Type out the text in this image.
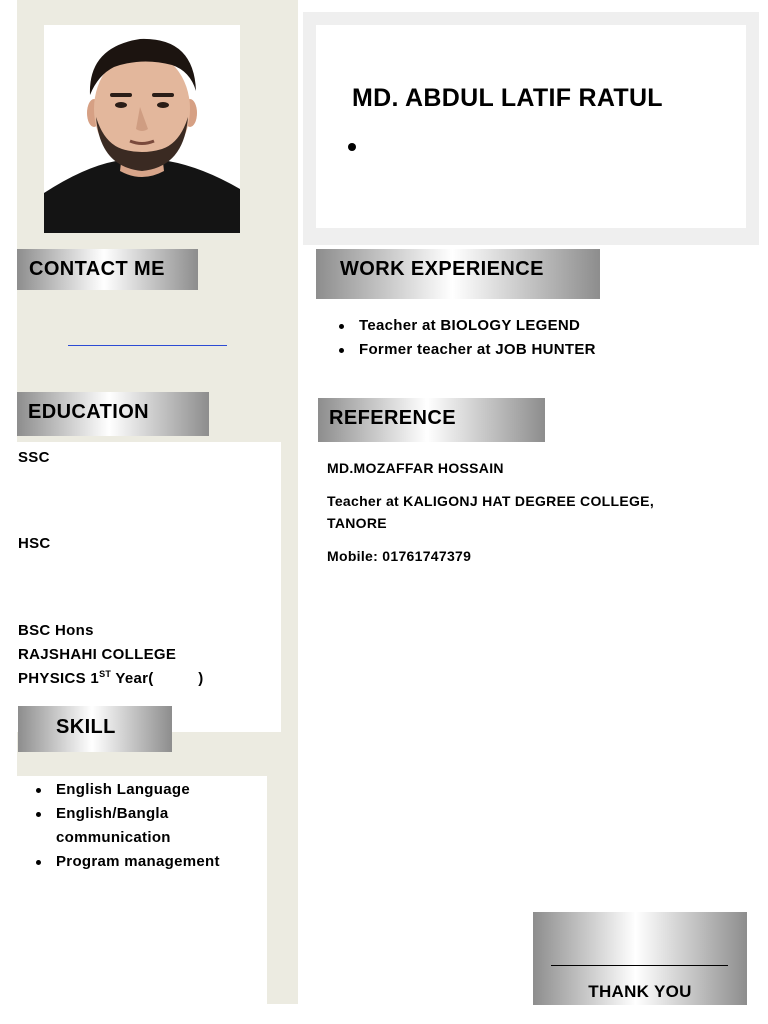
MD. ABDUL LATIF RATUL
CONTACT ME
EDUCATION
SSC
HSC
BSC Hons
RAJSHAHI COLLEGE
PHYSICS 1ST Year(          )
SKILL
English Language
English/Bangla
communication
Program management
WORK EXPERIENCE
Teacher at BIOLOGY LEGEND
Former teacher at JOB HUNTER
REFERENCE
MD.MOZAFFAR HOSSAIN
Teacher at KALIGONJ HAT DEGREE COLLEGE,
TANORE
Mobile: 01761747379
THANK YOU
